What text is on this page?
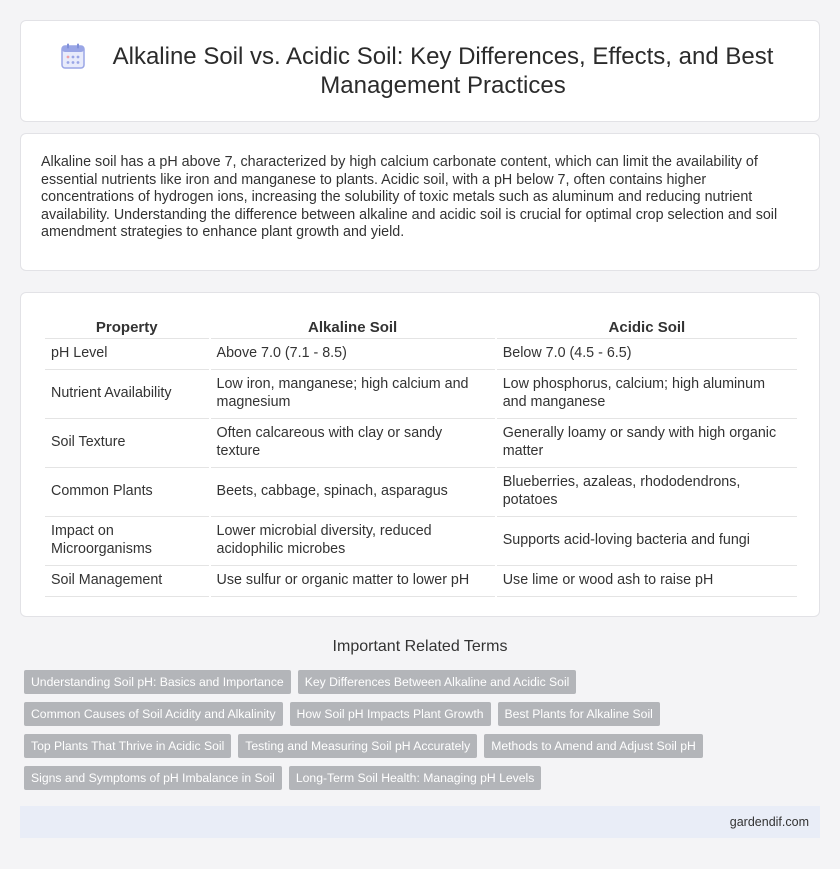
Alkaline Soil vs. Acidic Soil: Key Differences, Effects, and Best Management Practices

Alkaline soil has a pH above 7, characterized by high calcium carbonate content, which can limit the availability of essential nutrients like iron and manganese to plants. Acidic soil, with a pH below 7, often contains higher concentrations of hydrogen ions, increasing the solubility of toxic metals such as aluminum and reducing nutrient availability. Understanding the difference between alkaline and acidic soil is crucial for optimal crop selection and soil amendment strategies to enhance plant growth and yield.

Property	Alkaline Soil	Acidic Soil
pH Level	Above 7.0 (7.1 - 8.5)	Below 7.0 (4.5 - 6.5)
Nutrient Availability	Low iron, manganese; high calcium and magnesium	Low phosphorus, calcium; high aluminum and manganese
Soil Texture	Often calcareous with clay or sandy texture	Generally loamy or sandy with high organic matter
Common Plants	Beets, cabbage, spinach, asparagus	Blueberries, azaleas, rhododendrons, potatoes
Impact on Microorganisms	Lower microbial diversity, reduced acidophilic microbes	Supports acid-loving bacteria and fungi
Soil Management	Use sulfur or organic matter to lower pH	Use lime or wood ash to raise pH
Important Related Terms
Understanding Soil pH: Basics and Importance	Key Differences Between Alkaline and Acidic Soil
Common Causes of Soil Acidity and Alkalinity	How Soil pH Impacts Plant Growth	Best Plants for Alkaline Soil
Top Plants That Thrive in Acidic Soil	Testing and Measuring Soil pH Accurately	Methods to Amend and Adjust Soil pH
Signs and Symptoms of pH Imbalance in Soil	Long-Term Soil Health: Managing pH Levels
gardendif.com
